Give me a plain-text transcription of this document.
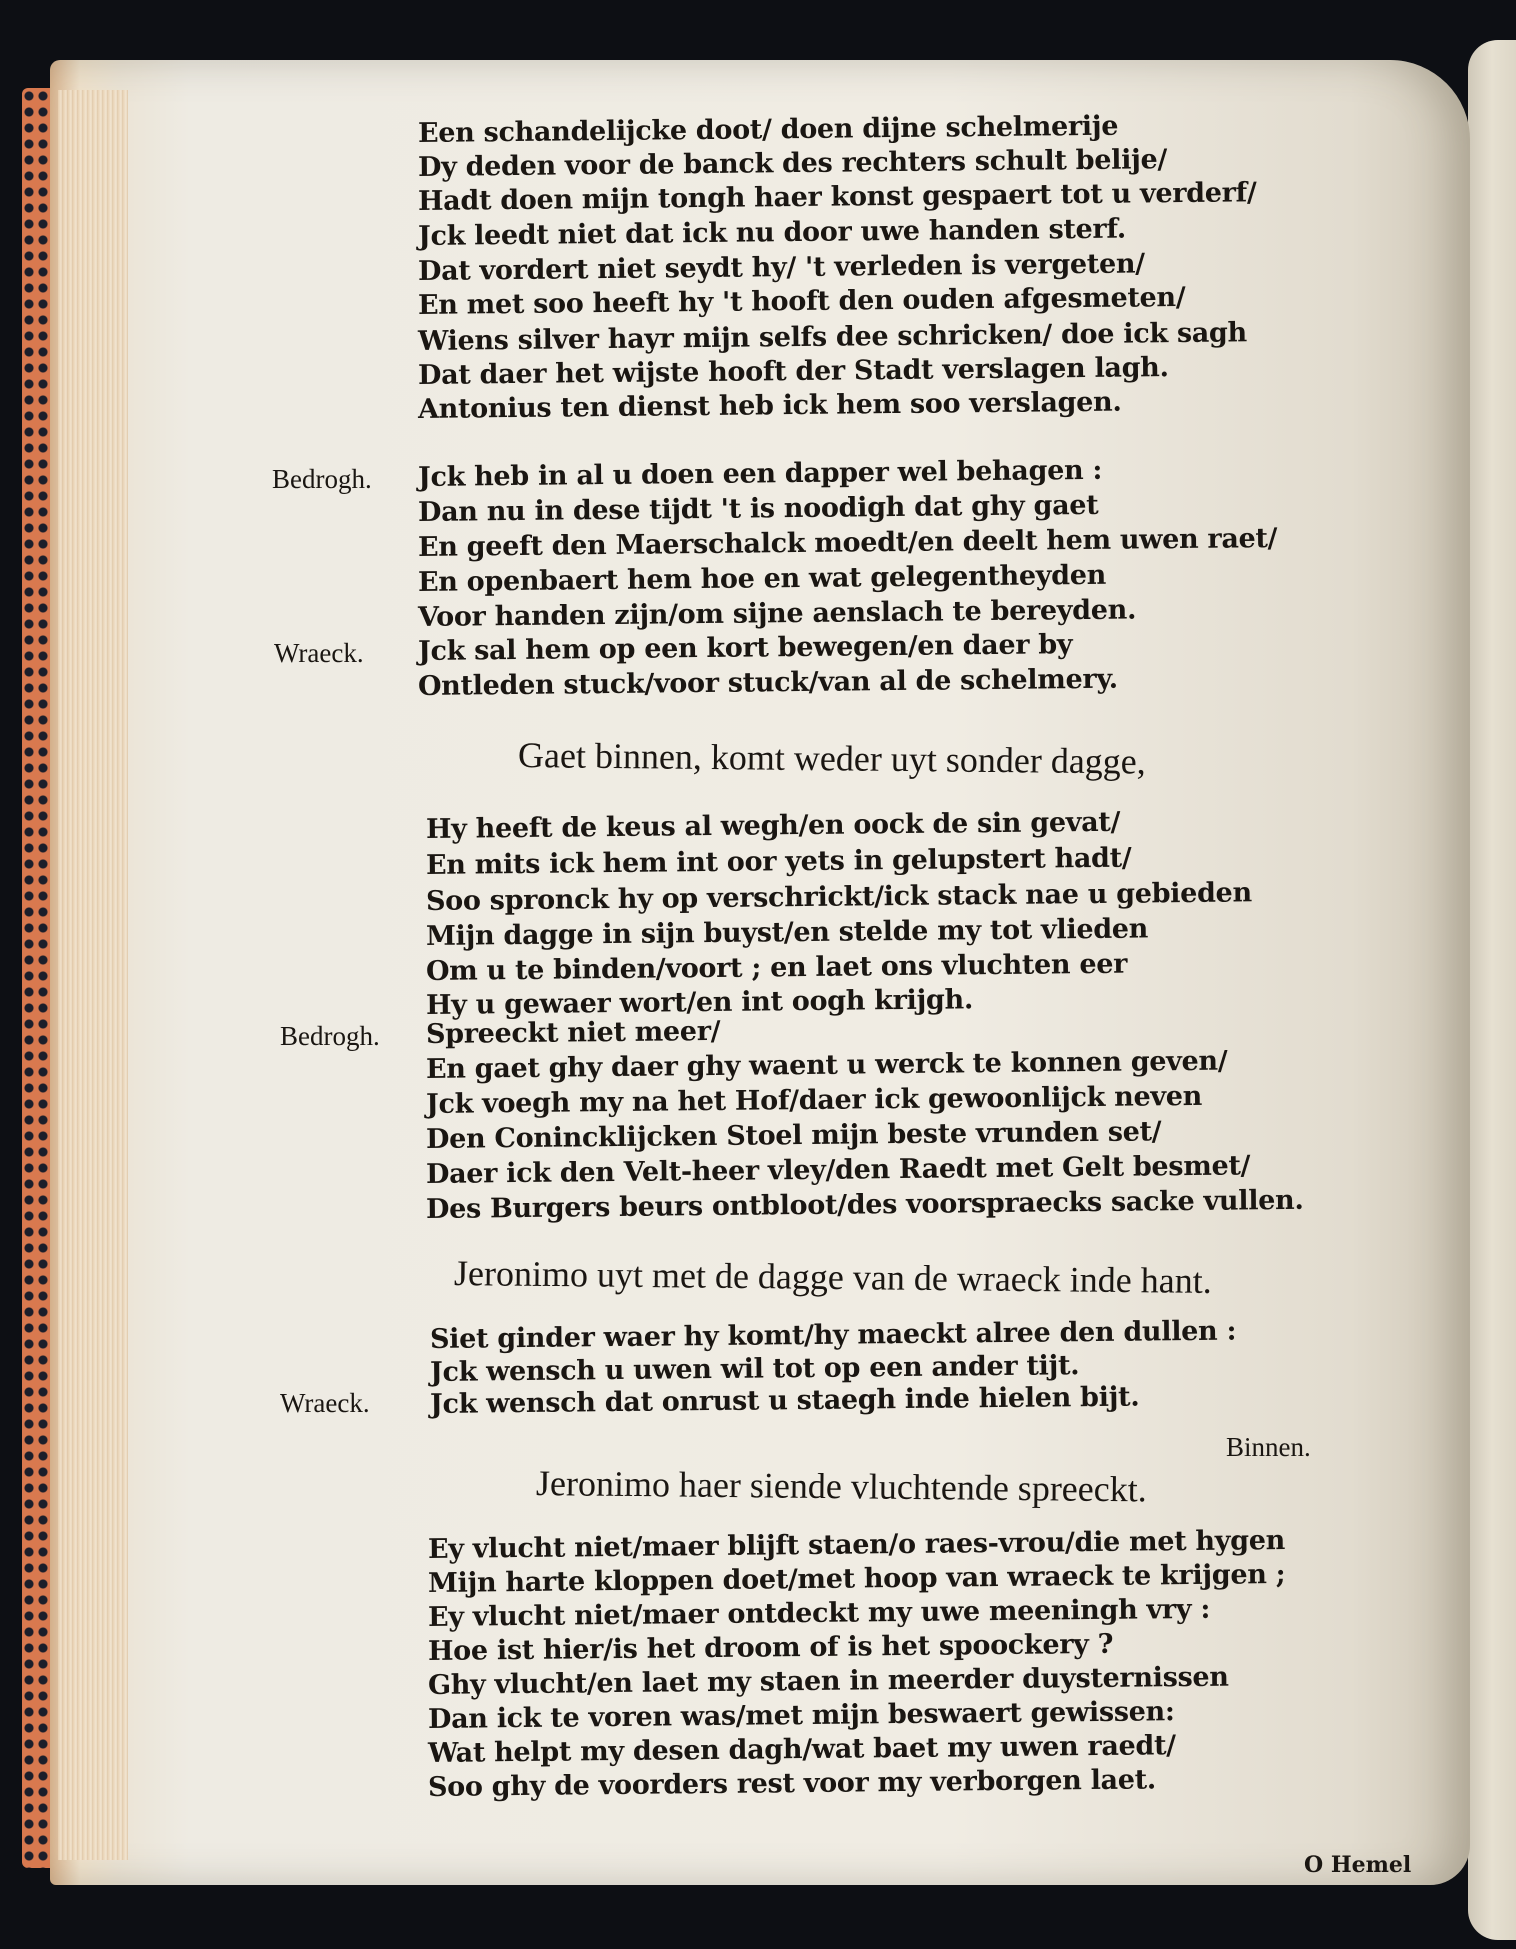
Een schandelijcke doot/ doen dijne schelmerije
Dy deden voor de banck des rechters schult belije/
Hadt doen mijn tongh haer konst gespaert tot u verderf/
Jck leedt niet dat ick nu door uwe handen sterf.
Dat vordert niet seydt hy/ 't verleden is vergeten/
En met soo heeft hy 't hooft den ouden afgesmeten/
Wiens silver hayr mijn selfs dee schricken/ doe ick sagh
Dat daer het wijste hooft der Stadt verslagen lagh.
Antonius ten dienst heb ick hem soo verslagen.
Bedrogh. Jck heb in al u doen een dapper wel behagen :
Dan nu in dese tijdt 't is noodigh dat ghy gaet
En geeft den Maerschalck moedt/en deelt hem uwen raet/
En openbaert hem hoe en wat gelegentheyden
Voor handen zijn/om sijne aenslach te bereyden.
Wraeck. Jck sal hem op een kort bewegen/en daer by
Ontleden stuck/voor stuck/van al de schelmery.
Gaet binnen, komt weder uyt sonder dagge,
Hy heeft de keus al wegh/en oock de sin gevat/
En mits ick hem int oor yets in gelupstert hadt/
Soo spronck hy op verschrickt/ick stack nae u gebieden
Mijn dagge in sijn buyst/en stelde my tot vlieden
Om u te binden/voort ; en laet ons vluchten eer
Hy u gewaer wort/en int oogh krijgh.
Bedrogh. Spreeckt niet meer/
En gaet ghy daer ghy waent u werck te konnen geven/
Jck voegh my na het Hof/daer ick gewoonlijck neven
Den Conincklĳcken Stoel mijn beste vrunden set/
Daer ick den Velt-heer vley/den Raedt met Gelt besmet/
Des Burgers beurs ontbloot/des voorspraecks sacke vullen.
Jeronimo uyt met de dagge van de wraeck inde hant.
Siet ginder waer hy komt/hy maeckt alree den dullen :
Jck wensch u uwen wil tot op een ander tijt.
Wraeck. Jck wensch dat onrust u staegh inde hielen bijt.
Binnen.
Jeronimo haer siende vluchtende spreeckt.
Ey vlucht niet/maer blijft staen/o raes-vrou/die met hygen
Mijn harte kloppen doet/met hoop van wraeck te krijgen ;
Ey vlucht niet/maer ontdeckt my uwe meeningh vry :
Hoe ist hier/is het droom of is het spoockery ?
Ghy vlucht/en laet my staen in meerder duysternissen
Dan ick te voren was/met mijn beswaert gewissen:
Wat helpt my desen dagh/wat baet my uwen raedt/
Soo ghy de voorders rest voor my verborgen laet.
O Hemel
